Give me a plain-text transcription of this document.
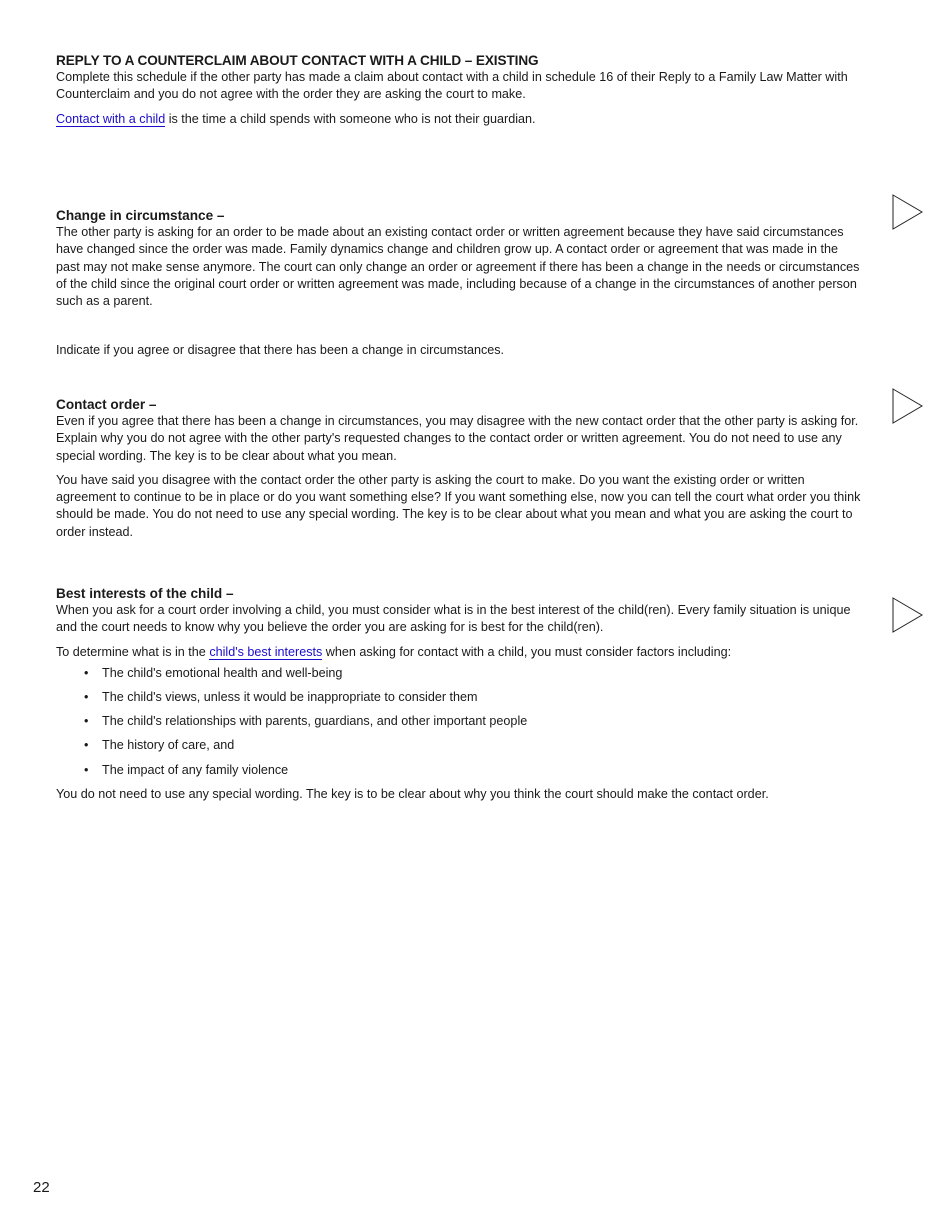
REPLY TO A COUNTERCLAIM ABOUT CONTACT WITH A CHILD – EXISTING

Complete this schedule if the other party has made a claim about contact with a child in schedule 16 of their Reply to a Family Law Matter with Counterclaim and you do not agree with the order they are asking the court to make.

Contact with a child is the time a child spends with someone who is not their guardian.

Change in circumstance –

The other party is asking for an order to be made about an existing contact order or written agreement because they have said circumstances have changed since the order was made. Family dynamics change and children grow up. A contact order or agreement that was made in the past may not make sense anymore. The court can only change an order or agreement if there has been a change in the needs or circumstances of the child since the original court order or written agreement was made, including because of a change in the circumstances of another person such as a parent.

Indicate if you agree or disagree that there has been a change in circumstances.

Contact order –

Even if you agree that there has been a change in circumstances, you may disagree with the new contact order that the other party is asking for. Explain why you do not agree with the other party's requested changes to the contact order or written agreement. You do not need to use any special wording. The key is to be clear about what you mean.

You have said you disagree with the contact order the other party is asking the court to make. Do you want the existing order or written agreement to continue to be in place or do you want something else? If you want something else, now you can tell the court what order you think should be made. You do not need to use any special wording. The key is to be clear about what you mean and what you are asking the court to order instead.

Best interests of the child –

When you ask for a court order involving a child, you must consider what is in the best interest of the child(ren). Every family situation is unique and the court needs to know why you believe the order you are asking for is best for the child(ren).

To determine what is in the child's best interests when asking for contact with a child, you must consider factors including:

• The child's emotional health and well-being
• The child's views, unless it would be inappropriate to consider them
• The child's relationships with parents, guardians, and other important people
• The history of care, and
• The impact of any family violence

You do not need to use any special wording. The key is to be clear about why you think the court should make the contact order.

22
